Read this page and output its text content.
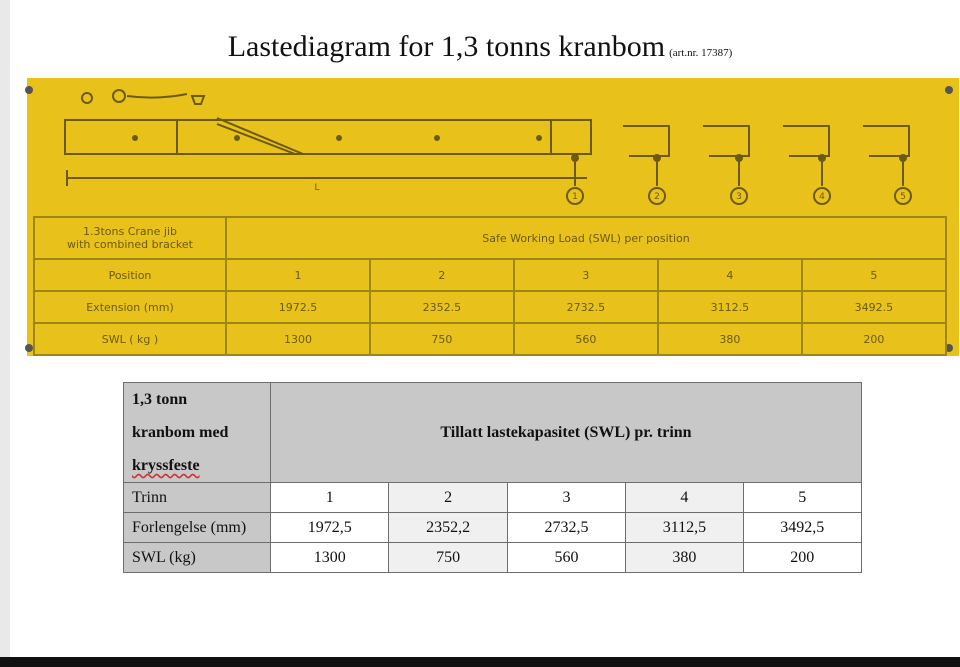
Lastediagram for 1,3 tonns kranbom (art.nr. 17387)
L
1	2	3	4	5
1.3tons Crane jib
with combined bracket	Safe Working Load (SWL) per position				
Position	1	2	3	4	5
Extension (mm)	1972.5	2352.5	2732.5	3112.5	3492.5
SWL ( kg )	1300	750	560	380	200
1,3 tonn
kranbom med
kryssfeste	Tillatt lastekapasitet (SWL) pr. trinn				
Trinn	1	2	3	4	5
Forlengelse (mm)	1972,5	2352,2	2732,5	3112,5	3492,5
SWL (kg)	1300	750	560	380	200
